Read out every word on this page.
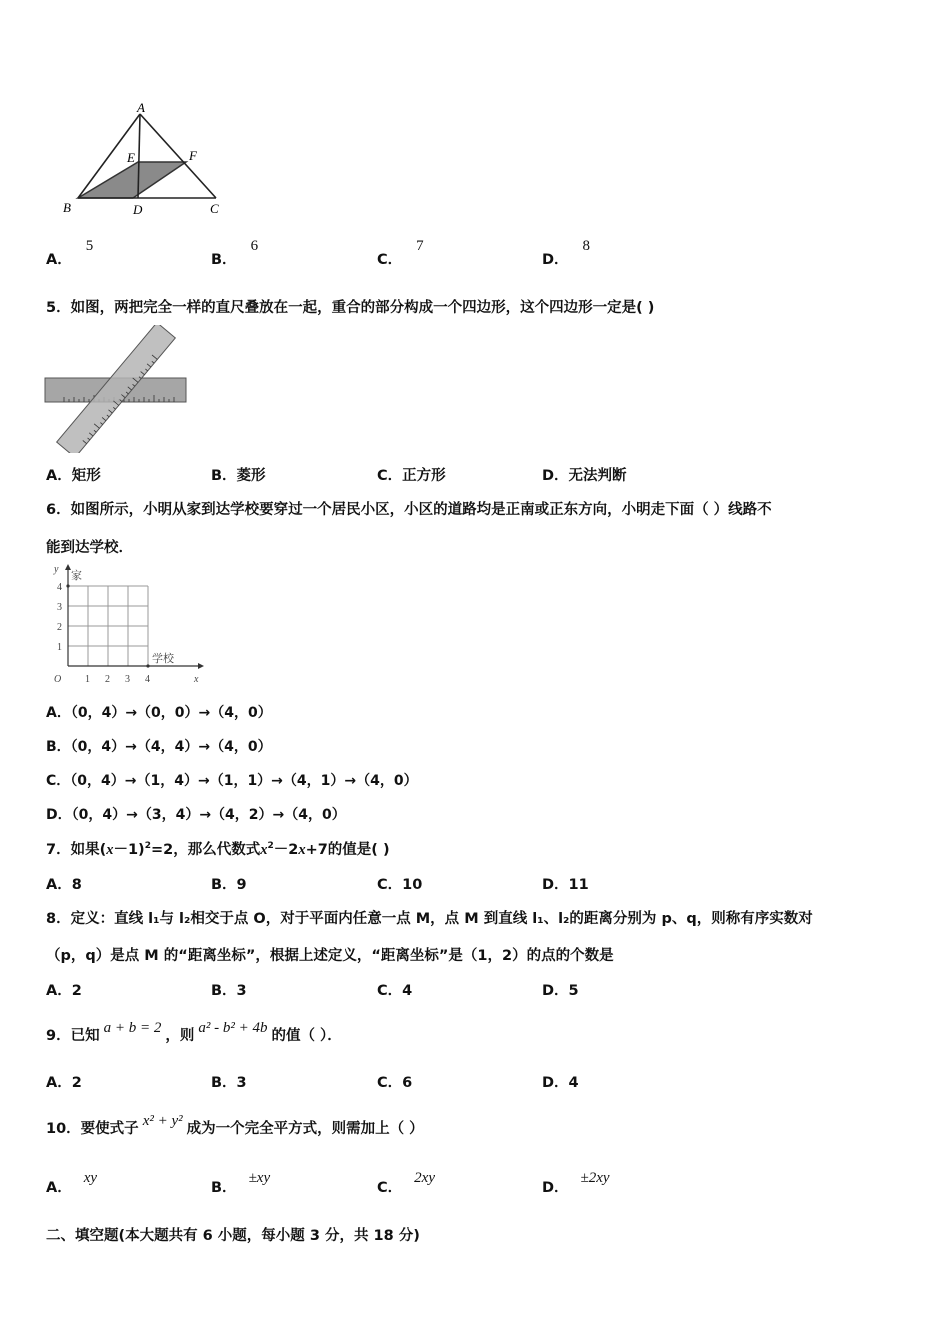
A
E	F
B	D	C
A．5
B．6
C．7
D．8
5．如图，两把完全一样的直尺叠放在一起，重合的部分构成一个四边形，这个四边形一定是( )
A．矩形	B．菱形	C．正方形	D．无法判断
6．如图所示，小明从家到达学校要穿过一个居民小区，小区的道路均是正南或正东方向，小明走下面（ ）线路不
能到达学校．
y 家
学校
O	x
1 2 3 4
1
2
3
4
A．（0，4）→（0，0）→（4，0）
B．（0，4）→（4，4）→（4，0）
C．（0，4）→（1，4）→（1，1）→（4，1）→（4，0）
D．（0，4）→（3，4）→（4，2）→（4，0）
7．如果$(x-1)^2=2$，那么代数式$x^2-2x+7$的值是( )
A．8	B．9	C．10	D．11
8．定义：直线 l₁与 l₂相交于点 O，对于平面内任意一点 M，点 M 到直线 l₁、l₂的距离分别为 p、q，则称有序实数对
（p，q）是点 M 的“距离坐标”，根据上述定义，“距离坐标”是（1，2）的点的个数是
A．2	B．3	C．4	D．5
9．已知 a + b = 2 ，则 a² - b² + 4b 的值（ ）．
A．2	B．3	C．6	D．4
10．要使式子 x² + y² 成为一个完全平方式，则需加上（ ）
A．xy
B．±xy
C．2xy
D．±2xy
二、填空题(本大题共有 6 小题，每小题 3 分，共 18 分)
